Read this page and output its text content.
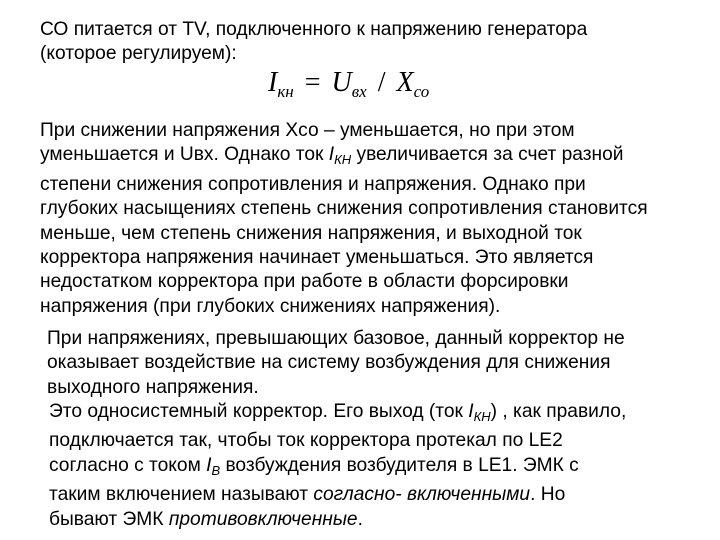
СО питается от TV, подключенного к напряжению генератора
(которое регулируем):
$I_{кн} = U_{вх} / X_{со}$
При снижении напряжения Xсо – уменьшается, но при этом
уменьшается и Uвх. Однако ток $I_{КН}$ увеличивается за счет разной
степени снижения сопротивления и напряжения. Однако при
глубоких насыщениях степень снижения сопротивления становится
меньше, чем степень снижения напряжения, и выходной ток
корректора напряжения начинает уменьшаться. Это является
недостатком корректора при работе в области форсировки
напряжения (при глубоких снижениях напряжения).
При напряжениях, превышающих базовое, данный корректор не
оказывает воздействие на систему возбуждения для снижения
выходного напряжения.
Это односистемный корректор. Его выход (ток $I_{КН}$) , как правило,
подключается так, чтобы ток корректора протекал по LE2
согласно с током $I_В$ возбуждения возбудителя в LE1. ЭМК с
таким включением называют согласно- включенными. Но
бывают ЭМК противовключенные.
